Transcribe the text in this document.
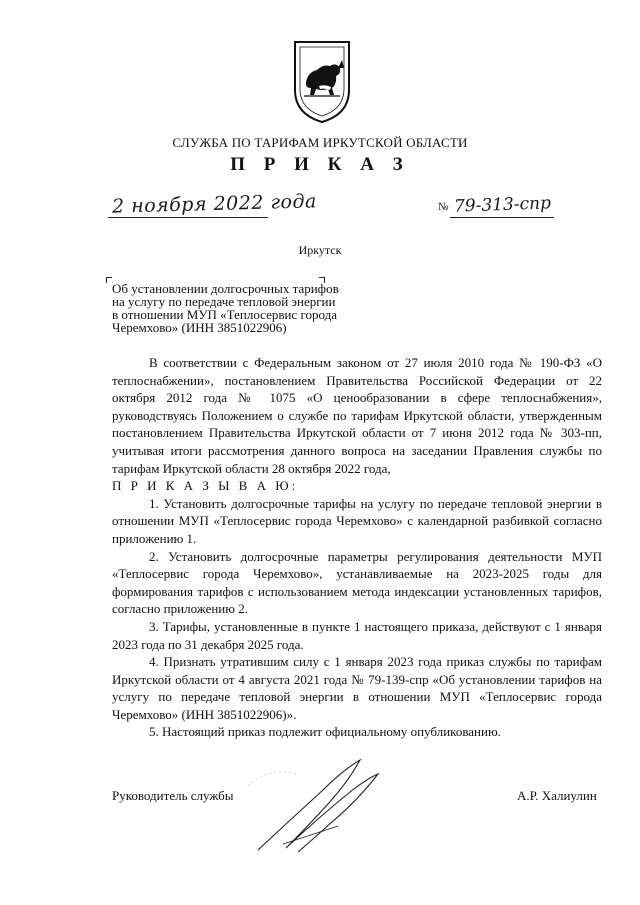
СЛУЖБА ПО ТАРИФАМ ИРКУТСКОЙ ОБЛАСТИ
П Р И К А З
2 ноября 2022 года	№ 79-313-спр
Иркутск
Об установлении долгосрочных тарифов
на услугу по передаче тепловой энергии
в отношении МУП «Теплосервис города
Черемхово» (ИНН 3851022906)

В соответствии с Федеральным законом от 27 июля 2010 года № 190-ФЗ «О теплоснабжении», постановлением Правительства Российской Федерации от 22 октября 2012 года № 1075 «О ценообразовании в сфере теплоснабжения», руководствуясь Положением о службе по тарифам Иркутской области, утвержденным постановлением Правительства Иркутской области от 7 июня 2012 года № 303-пп, учитывая итоги рассмотрения данного вопроса на заседании Правления службы по тарифам Иркутской области 28 октября 2022 года,

П Р И К А З Ы В А Ю:

1. Установить долгосрочные тарифы на услугу по передаче тепловой энергии в отношении МУП «Теплосервис города Черемхово» с календарной разбивкой согласно приложению 1.

2. Установить долгосрочные параметры регулирования деятельности МУП «Теплосервис города Черемхово», устанавливаемые на 2023-2025 годы для формирования тарифов с использованием метода индексации установленных тарифов, согласно приложению 2.

3. Тарифы, установленные в пункте 1 настоящего приказа, действуют с 1 января 2023 года по 31 декабря 2025 года.

4. Признать утратившим силу с 1 января 2023 года приказ службы по тарифам Иркутской области от 4 августа 2021 года № 79-139-спр «Об установлении тарифов на услугу по передаче тепловой энергии в отношении МУП «Теплосервис города Черемхово» (ИНН 3851022906)».

5. Настоящий приказ подлежит официальному опубликованию.

Руководитель службы	А.Р. Халиулин
